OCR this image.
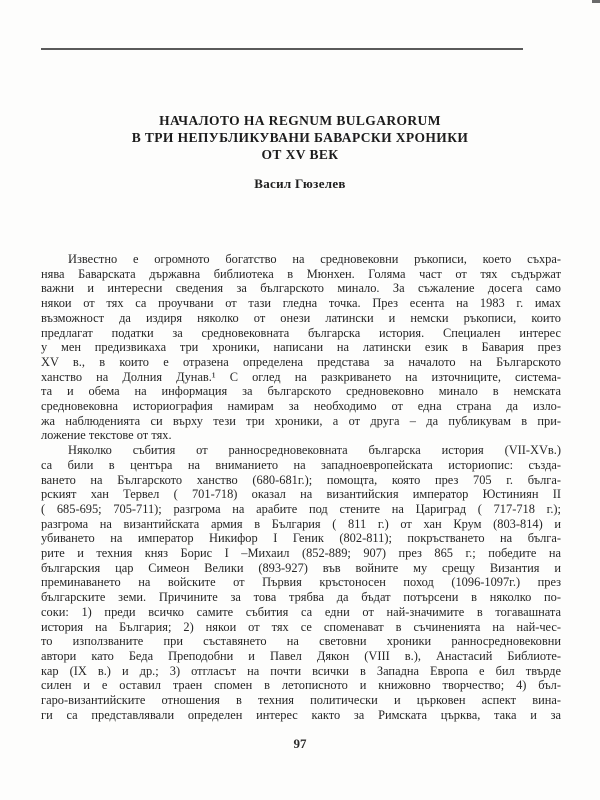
НАЧАЛОТО НА REGNUM BULGARORUM
В ТРИ НЕПУБЛИКУВАНИ БАВАРСКИ ХРОНИКИ
ОТ XV ВЕК
Васил Гюзелев
Известно е огромното богатство на средновековни ръкописи, което съхра-
нява Баварската държавна библиотека в Мюнхен. Голяма част от тях съдържат
важни и интересни сведения за българското минало. За съжаление досега само
някои от тях са проучвани от тази гледна точка. През есента на 1983 г. имах
възможност да издиря няколко от онези латински и немски ръкописи, които
предлагат податки за средновековната българска история. Специален интерес
у мен предизвикаха три хроники, написани на латински език в Бавария през
XV в., в които е отразена определена представа за началото на Българското
ханство на Долния Дунав.¹ С оглед на разкриването на източниците, система-
та и обема на информация за българското средновековно минало в немската
средновековна историография намирам за необходимо от една страна да изло-
жа наблюденията си върху тези три хроники, а от друга – да публикувам в при-
ложение текстове от тях.
Няколко събития от ранносредновековната българска история (VII-XVв.)
са били в центъра на вниманието на западноевропейската историопис: създа-
ването на Българското ханство (680-681г.); помощта, която през 705 г. бълга-
рският хан Тервел ( 701-718) оказал на византийския император Юстиниян II
( 685-695; 705-711); разгрома на арабите под стените на Цариград ( 717-718 г.);
разгрома на византийската армия в България ( 811 г.) от хан Крум (803-814) и
убиването на император Никифор I Геник (802-811); покръстването на бълга-
рите и техния княз Борис I –Михаил (852-889; 907) през 865 г.; победите на
българския цар Симеон Велики (893-927) във войните му срещу Византия и
преминаването на войските от Първия кръстоносен поход (1096-1097г.) през
българските земи. Причините за това трябва да бъдат потърсени в няколко по-
соки: 1) преди всичко самите събития са едни от най-значимите в тогавашната
история на България; 2) някои от тях се споменават в съчиненията на най-чес-
то използваните при съставянето на световни хроники ранносредновековни
автори като Беда Преподобни и Павел Дякон (VIII в.), Анастасий Библиоте-
кар (IX в.) и др.; 3) отгласът на почти всички в Западна Европа е бил твърде
силен и е оставил траен спомен в летописното и книжовно творчество; 4) бъл-
гаро-византийските отношения в техния политически и църковен аспект вина-
ги са представлявали определен интерес както за Римската църква, така и за
97
